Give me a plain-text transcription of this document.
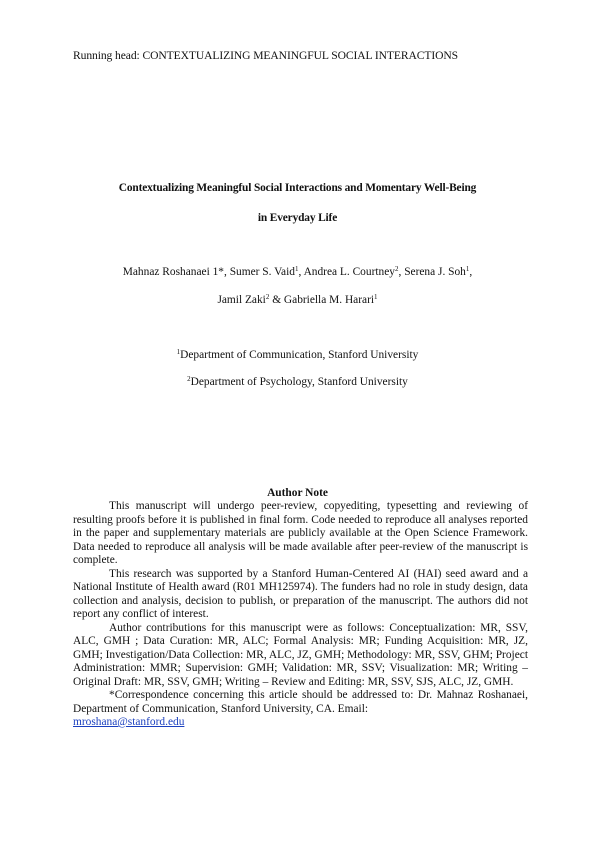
Running head: CONTEXTUALIZING MEANINGFUL SOCIAL INTERACTIONS
Contextualizing Meaningful Social Interactions and Momentary Well-Being
in Everyday Life
Mahnaz Roshanaei 1*, Sumer S. Vaid$^1$, Andrea L. Courtney$^2$, Serena J. Soh$^1$,
Jamil Zaki$^2$ & Gabriella M. Harari$^1$
$^1$Department of Communication, Stanford University
$^2$Department of Psychology, Stanford University
Author Note

This manuscript will undergo peer-review, copyediting, typesetting and reviewing of resulting proofs before it is published in final form. Code needed to reproduce all analyses reported in the paper and supplementary materials are publicly available at the Open Science Framework. Data needed to reproduce all analysis will be made available after peer-review of the manuscript is complete.

This research was supported by a Stanford Human-Centered AI (HAI) seed award and a National Institute of Health award (R01 MH125974). The funders had no role in study design, data collection and analysis, decision to publish, or preparation of the manuscript. The authors did not report any conflict of interest.

Author contributions for this manuscript were as follows: Conceptualization: MR, SSV, ALC, GMH ; Data Curation: MR, ALC; Formal Analysis: MR; Funding Acquisition: MR, JZ, GMH; Investigation/Data Collection: MR, ALC, JZ, GMH; Methodology: MR, SSV, GHM; Project Administration: MMR; Supervision: GMH; Validation: MR, SSV; Visualization: MR; Writing – Original Draft: MR, SSV, GMH; Writing – Review and Editing: MR, SSV, SJS, ALC, JZ, GMH.

*Correspondence concerning this article should be addressed to: Dr. Mahnaz Roshanaei, Department of Communication, Stanford University, CA. Email:

mroshana@stanford.edu
